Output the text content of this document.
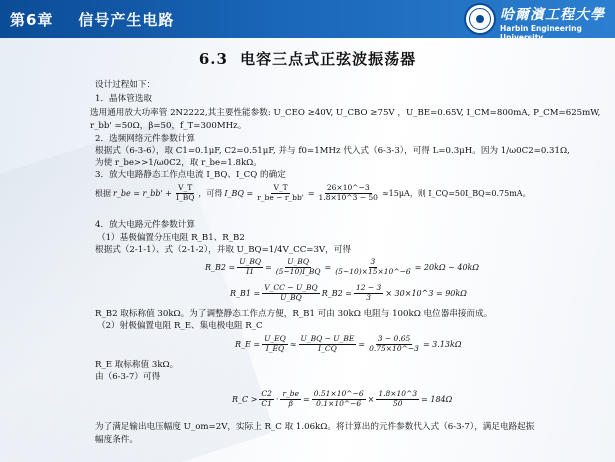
第6章    信号产生电路	哈爾濱工程大學
Harbin Engineering University
6.3 电容三点式正弦波振荡器
设计过程如下：
1．晶体管选取
选用通用放大功率管 2N2222,其主要性能参数: U_CEO ≥40V, U_CBO ≥75V ，U_BE=0.65V, I_CM=800mA, P_CM=625mW,
r_bb' =50Ω，β=50，f_T=300MHz。
2．选频网络元件参数计算
根据式（6-3-6），取 C1=0.1μF, C2=0.51μF, 并与 f0=1MHz 代入式（6-3-3），可得 L=0.3μH。因为 1/ω0C2=0.31Ω,
为使 r_be>>1/ω0C2，取 r_be=1.8kΩ。
3．放大电路静态工作点电流 I_BQ、I_CQ 的确定
根据 r_be = r_bb' + $\frac{V\_T}{I\_BQ}$ ，可得 I_BQ = $\frac{V\_T}{r\_be - r\_bb'} = \frac{26\times 10\^{}-3}{1.8\times 10\^{}3 - 50} \approx 15\mu A$，则 I_CQ=50I_BQ=0.75mA。
4．放大电路元件参数计算
（1）基极偏置分压电阻 R_B1、R_B2
根据式（2-1-1）、式（2-1-2），并取 U_BQ=1/4V_CC=3V，可得
R_B2 = $\frac{U\_BQ}{I1} = \frac{U\_BQ}{(5\sim 10)I\_BQ} = \frac{3}{(5\sim 10)\times 15\times 10\^{}-6} = 20k\Omega$ ~ 40kΩ
R_B1 = $\frac{V\_CC - U\_BQ}{U\_BQ}$ R_B2 = $\frac{12 - 3}{3}$ × 30×10^3 = 90kΩ
R_B2 取标称值 30kΩ。为了调整静态工作点方便，R_B1 可由 30kΩ 电阻与 100kΩ 电位器串接而成。
（2）射极偏置电阻 R_E、集电极电阻 R_C
R_E = $\frac{U\_EQ}{I\_EQ} \approx \frac{U\_BQ - U\_BE}{I\_CQ} = \frac{3 - 0.65}{0.75\times 10\^{}-3} = 3.13k\Omega$
R_E 取标称值 3kΩ。
由（6-3-7）可得
R_C > $\frac{C2}{C1} \cdot \frac{r\_be}{\beta} = \frac{0.51\times 10\^{}-6}{0.1\times 10\^{}-6} \times \frac{1.8\times 10\^{}3}{50} = 184\Omega$
为了满足输出电压幅度 U_om=2V，实际上 R_C 取 1.06kΩ。将计算出的元件参数代入式（6-3-7），满足电路起振
幅度条件。
